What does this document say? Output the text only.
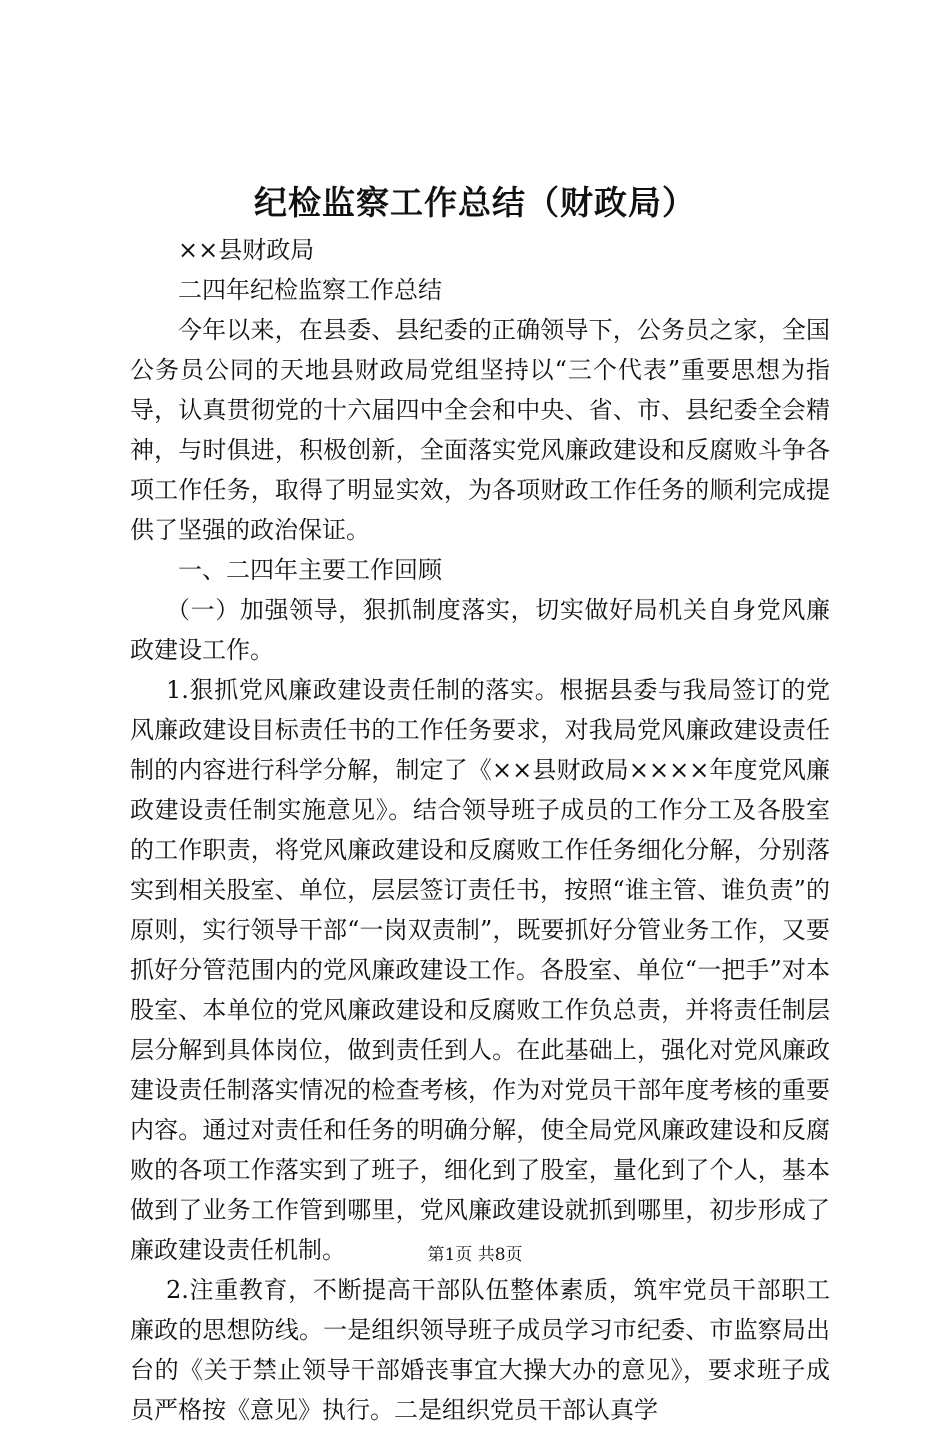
纪检监察工作总结（财政局）

××县财政局

二四年纪检监察工作总结

今年以来，在县委、县纪委的正确领导下，公务员之家，全国公务员公同的天地县财政局党组坚持以“三个代表”重要思想为指导，认真贯彻党的十六届四中全会和中央、省、市、县纪委全会精神，与时俱进，积极创新，全面落实党风廉政建设和反腐败斗争各项工作任务，取得了明显实效，为各项财政工作任务的顺利完成提供了坚强的政治保证。

一、二四年主要工作回顾

（一）加强领导，狠抓制度落实，切实做好局机关自身党风廉政建设工作。

1.狠抓党风廉政建设责任制的落实。根据县委与我局签订的党风廉政建设目标责任书的工作任务要求，对我局党风廉政建设责任制的内容进行科学分解，制定了《××县财政局××××年度党风廉政建设责任制实施意见》。结合领导班子成员的工作分工及各股室的工作职责，将党风廉政建设和反腐败工作任务细化分解，分别落实到相关股室、单位，层层签订责任书，按照“谁主管、谁负责”的原则，实行领导干部“一岗双责制”，既要抓好分管业务工作，又要抓好分管范围内的党风廉政建设工作。各股室、单位“一把手”对本股室、本单位的党风廉政建设和反腐败工作负总责，并将责任制层层分解到具体岗位，做到责任到人。在此基础上，强化对党风廉政建设责任制落实情况的检查考核，作为对党员干部年度考核的重要内容。通过对责任和任务的明确分解，使全局党风廉政建设和反腐败的各项工作落实到了班子，细化到了股室，量化到了个人，基本做到了业务工作管到哪里，党风廉政建设就抓到哪里，初步形成了廉政建设责任机制。

2.注重教育，不断提高干部队伍整体素质，筑牢党员干部职工廉政的思想防线。一是组织领导班子成员学习市纪委、市监察局出台的《关于禁止领导干部婚丧事宜大操大办的意见》，要求班子成员严格按《意见》执行。二是组织党员干部认真学

第1页 共8页
